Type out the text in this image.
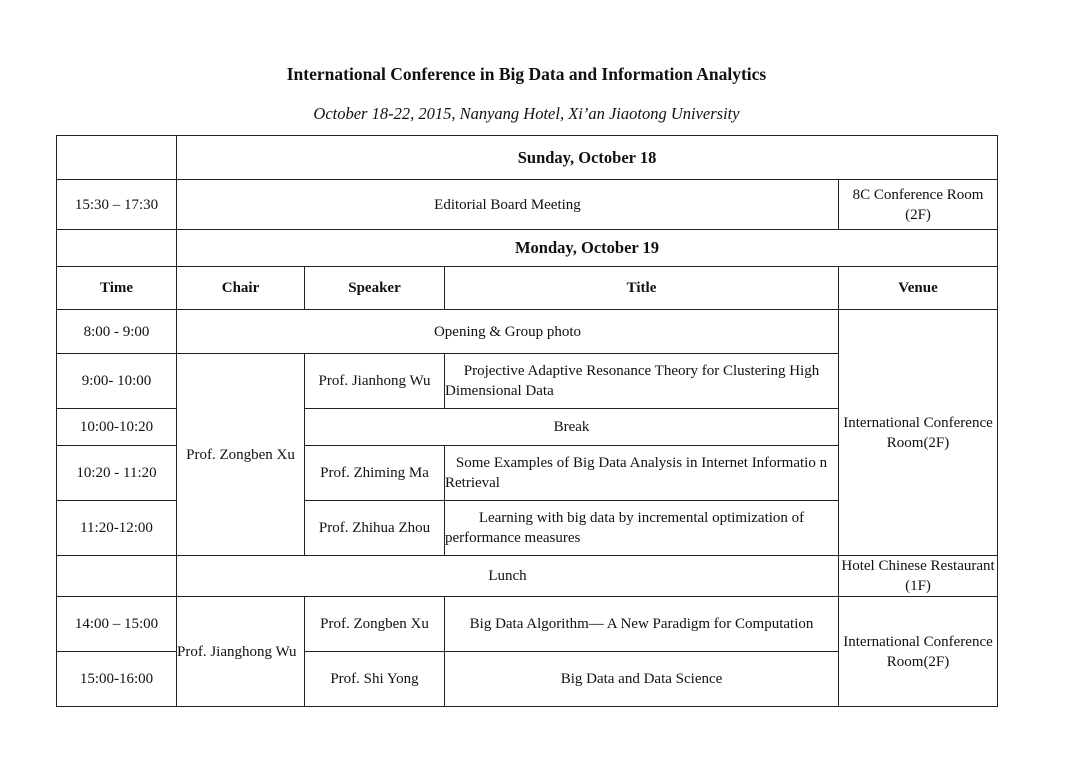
International Conference in Big Data and Information Analytics
October 18-22, 2015, Nanyang Hotel, Xi’an Jiaotong University
	Sunday, October 18			
15:30 – 17:30	Editorial Board Meeting			8C Conference Room (2F)
	Monday, October 19			
Time	Chair	Speaker	Title	Venue
8:00 - 9:00	Opening & Group photo			International Conference Room(2F)
9:00- 10:00	Prof. Zongben Xu	Prof. Jianhong Wu	Projective Adaptive Resonance Theory for Clustering High Dimensional Data	
10:00-10:20		Break		
10:20 - 11:20		Prof. Zhiming Ma	Some Examples of Big Data Analysis in Internet Informatio n Retrieval	
11:20-12:00		Prof. Zhihua Zhou	Learning with big data by incremental optimization of performance measures	
	Lunch			Hotel Chinese Restaurant (1F)
14:00 – 15:00	Prof. Jianghong Wu	Prof. Zongben Xu	Big Data Algorithm— A New Paradigm for Computation	International Conference Room(2F)
15:00-16:00		Prof. Shi Yong	Big Data and Data Science	
